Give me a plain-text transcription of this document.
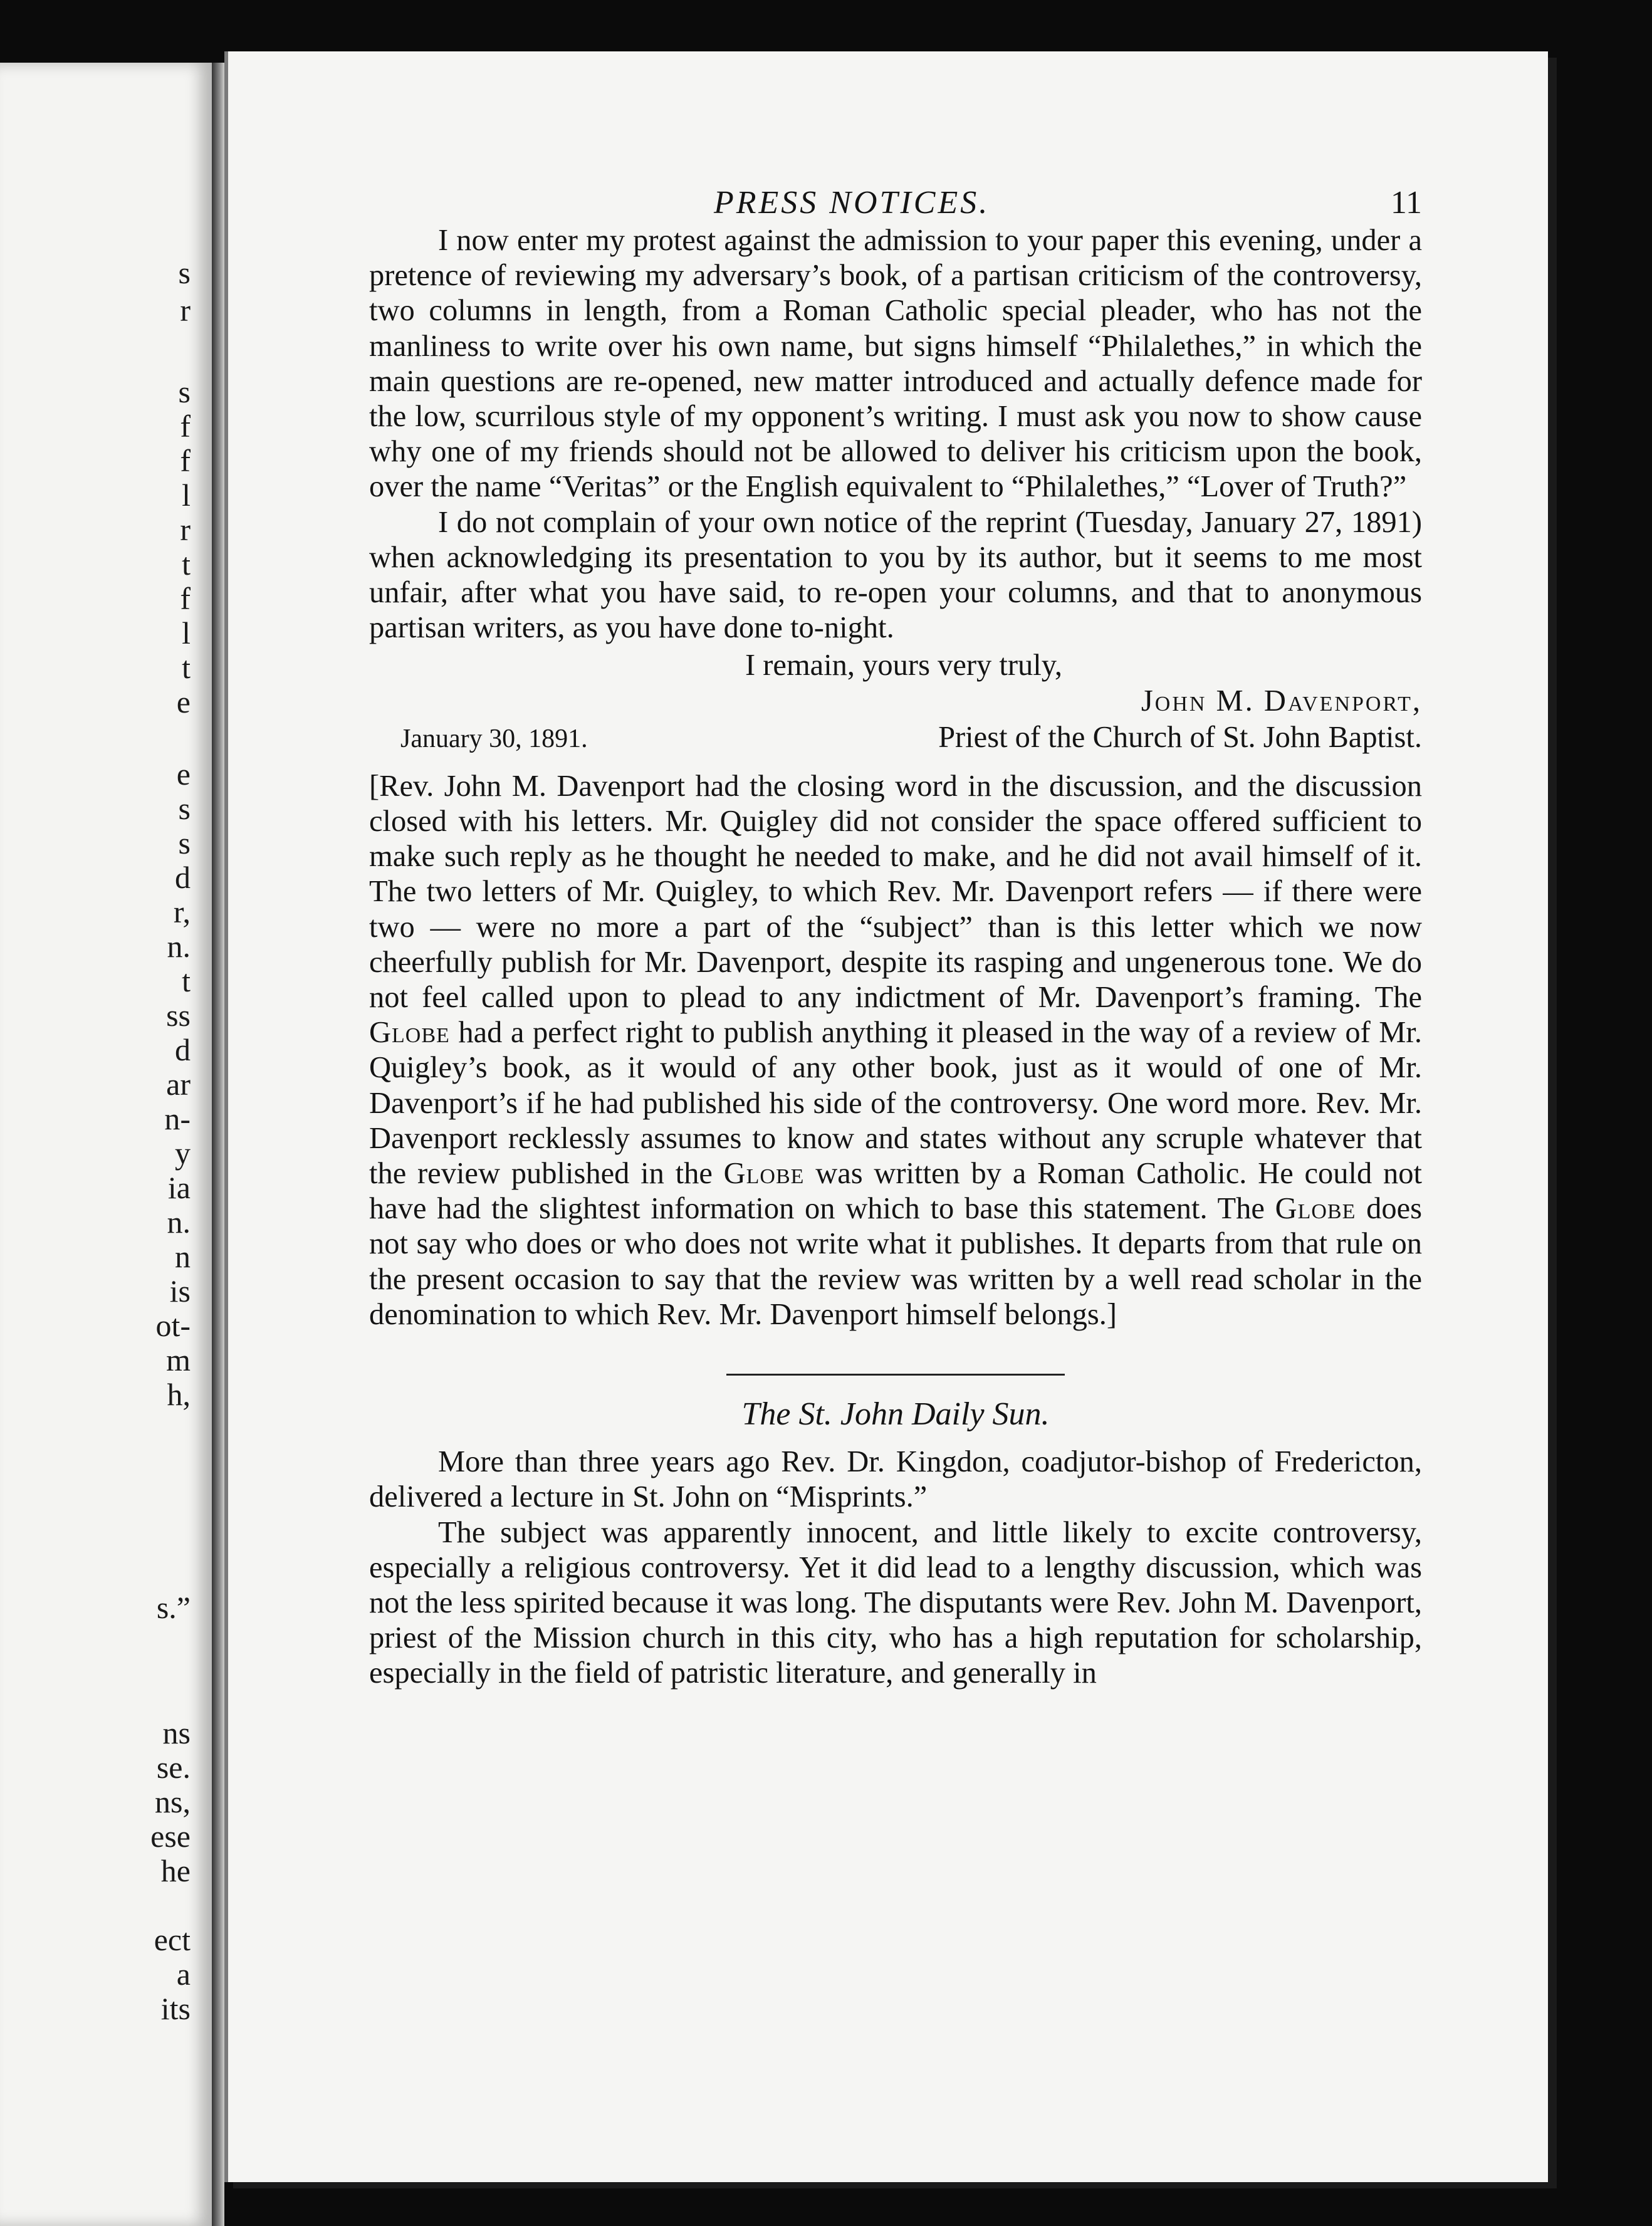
s
r
s
f
f
l
r
t
f
l
t
e
e
s
s
d
r,
n.
t
ss
d
ar
n-
y
ia
n.
n
is
ot-
m
h,
s.”
ns
se.
ns,
ese
he
ect
a
its
PRESS NOTICES.	11

I now enter my protest against the admission to your paper this evening, under a pretence of reviewing my adversary’s book, of a partisan criticism of the controversy, two columns in length, from a Roman Catholic special pleader, who has not the manliness to write over his own name, but signs himself “Philalethes,” in which the main questions are re-opened, new matter introduced and actually defence made for the low, scurrilous style of my opponent’s writing. I must ask you now to show cause why one of my friends should not be allowed to deliver his criticism upon the book, over the name “Veritas” or the English equivalent to “Philalethes,” “Lover of Truth?”

I do not complain of your own notice of the reprint (Tuesday, January 27, 1891) when acknowledging its presentation to you by its author, but it seems to me most unfair, after what you have said, to re-open your columns, and that to anonymous partisan writers, as you have done to-night.

I remain, yours very truly,

John M. Davenport,

January 30, 1891.	Priest of the Church of St. John Baptist.

[Rev. John M. Davenport had the closing word in the discussion, and the discussion closed with his letters. Mr. Quigley did not consider the space offered sufficient to make such reply as he thought he needed to make, and he did not avail himself of it. The two letters of Mr. Quigley, to which Rev. Mr. Davenport refers — if there were two — were no more a part of the “subject” than is this letter which we now cheerfully publish for Mr. Davenport, despite its rasping and ungenerous tone. We do not feel called upon to plead to any indictment of Mr. Davenport’s framing. The Globe had a perfect right to publish anything it pleased in the way of a review of Mr. Quigley’s book, as it would of any other book, just as it would of one of Mr. Davenport’s if he had published his side of the controversy. One word more. Rev. Mr. Davenport recklessly assumes to know and states without any scruple whatever that the review published in the Globe was written by a Roman Catholic. He could not have had the slightest information on which to base this statement. The Globe does not say who does or who does not write what it publishes. It departs from that rule on the present occasion to say that the review was written by a well read scholar in the denomination to which Rev. Mr. Davenport himself belongs.]

The St. John Daily Sun.

More than three years ago Rev. Dr. Kingdon, coadjutor-bishop of Fredericton, delivered a lecture in St. John on “Misprints.”

The subject was apparently innocent, and little likely to excite controversy, especially a religious controversy. Yet it did lead to a lengthy discussion, which was not the less spirited because it was long. The disputants were Rev. John M. Davenport, priest of the Mission church in this city, who has a high reputation for scholarship, especially in the field of patristic literature, and generally in
